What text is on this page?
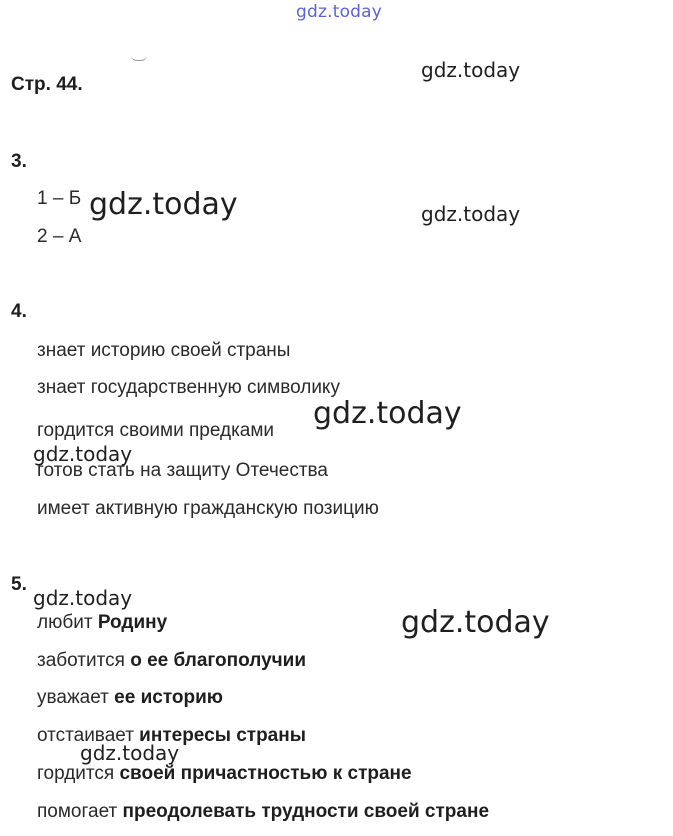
gdz.today
Стр. 44.
gdz.today
3.
1 – Б
2 – А
gdz.today	gdz.today
4.
знает историю своей страны
знает государственную символику
гордится своими предками
готов стать на защиту Отечества
имеет активную гражданскую позицию
gdz.today
gdz.today
5.
gdz.today
gdz.today
любит Родину
заботится о ее благополучии
уважает ее историю
отстаивает интересы страны
gdz.today
гордится своей причастностью к стране
помогает преодолевать трудности своей стране
